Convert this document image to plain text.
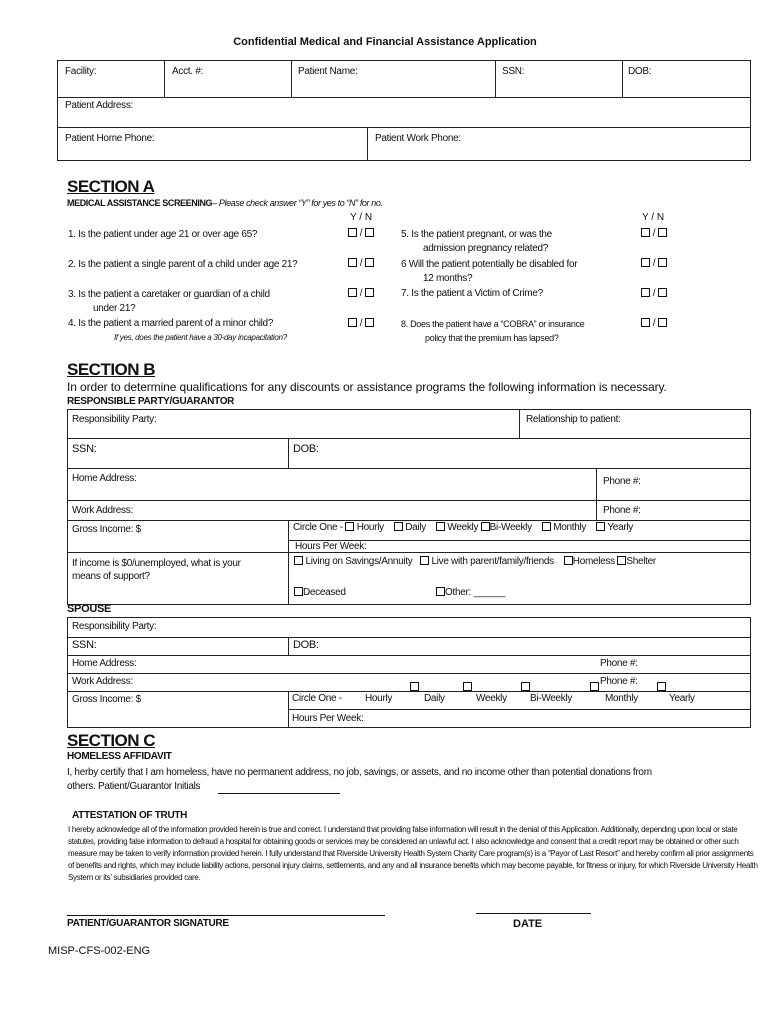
Confidential Medical and Financial Assistance Application
Facility:	Acct. #:	Patient Name:	SSN:	DOB:
Patient Address:
Patient Home Phone:	Patient Work Phone:
SECTION A
MEDICAL ASSISTANCE SCREENING– Please check answer “Y” for yes to “N” for no.
Y / N	Y / N
1. Is the patient under age 21 or over age 65?
2. Is the patient a single parent of a child under age 21?
3. Is the patient a caretaker or guardian of a child
under 21?
4. Is the patient a married parent of a minor child?
If yes, does the patient have a 30-day incapacitation?
5. Is the patient pregnant, or was the
admission pregnancy related?
6 Will the patient potentially be disabled for
12 months?
7. Is the patient a Victim of Crime?
8. Does the patient have a “COBRA” or insurance
policy that the premium has lapsed?
/
/
/
/
/
/
/
/
SECTION B
In order to determine qualifications for any discounts or assistance programs the following information is necessary.
RESPONSIBLE PARTY/GUARANTOR
Responsibility Party:	Relationship to patient:
SSN:	DOB:
Home Address:	Phone #:
Work Address:	Phone #:
Gross Income: $	Circle One - Hourly Daily Weekly Bi-Weekly Monthly Yearly
Hours Per Week:
If income is $0/unemployed, what is your
means of support?
Living on Savings/Annuity Live with parent/family/friends Homeless Shelter
Deceased	Other: ______
SPOUSE
Responsibility Party:
SSN:	DOB:
Home Address:	Phone #:
Work Address:	Phone #:
Gross Income: $	Circle One - Hourly	Daily	Weekly Bi-Weekly	Monthly	Yearly
Hours Per Week:
SECTION C
HOMELESS AFFIDAVIT
I, herby certify that I am homeless, have no permanent address, no job, savings, or assets, and no income other than potential donations from
others. Patient/Guarantor Initials
ATTESTATION OF TRUTH
I hereby acknowledge all of the information provided herein is true and correct. I understand that providing false information will result in the denial of this Application. Additionally, depending upon local or state statutes, providing false information to defraud a hospital for obtaining goods or services may be considered an unlawful act. I also acknowledge and consent that a credit report may be obtained or other such measure may be taken to verify information provided herein. I fully understand that Riverside University Health System Charity Care program(s) is a “Payor of Last Resort” and hereby confirm all prior assignments of benefits and rights, which may include liability actions, personal injury claims, settlements, and any and all insurance benefits which may become payable, for fitness or injury, for which Riverside University Health System or its’ subsidiaries provided care.
PATIENT/GUARANTOR SIGNATURE	DATE
MISP-CFS-002-ENG
